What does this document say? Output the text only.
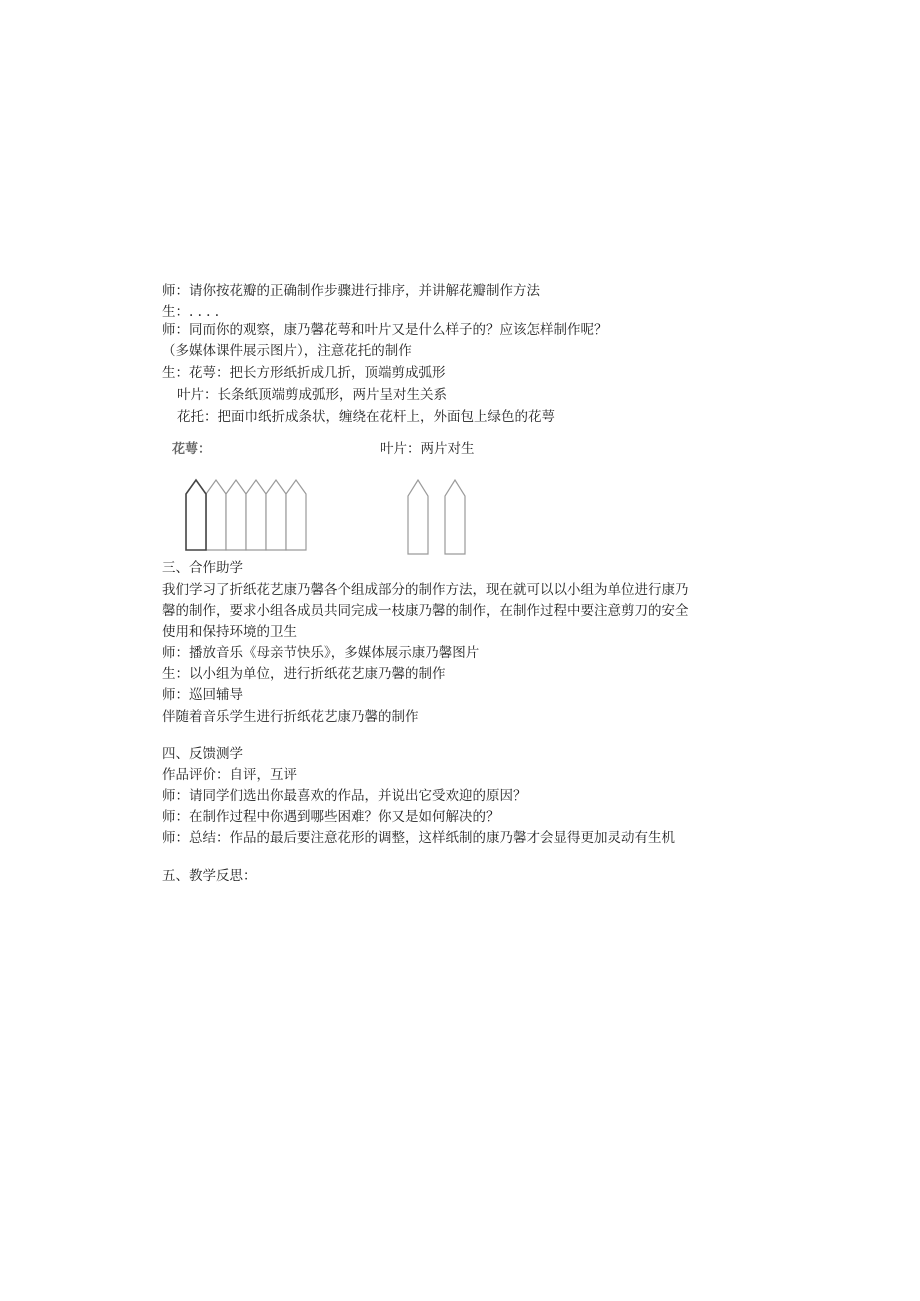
师：请你按花瓣的正确制作步骤进行排序，并讲解花瓣制作方法
生：. . . .
师：同而你的观察，康乃馨花萼和叶片又是什么样子的？应该怎样制作呢？
（多媒体课件展示图片），注意花托的制作
生：花萼：把长方形纸折成几折，顶端剪成弧形
叶片：长条纸顶端剪成弧形，两片呈对生关系
花托：把面巾纸折成条状，缠绕在花杆上，外面包上绿色的花萼
花萼：	叶片：两片对生
三、合作助学
我们学习了折纸花艺康乃馨各个组成部分的制作方法，现在就可以以小组为单位进行康乃
馨的制作，要求小组各成员共同完成一枝康乃馨的制作，在制作过程中要注意剪刀的安全
使用和保持环境的卫生
师：播放音乐《母亲节快乐》，多媒体展示康乃馨图片
生：以小组为单位，进行折纸花艺康乃馨的制作
师：巡回辅导
伴随着音乐学生进行折纸花艺康乃馨的制作
四、反馈测学
作品评价：自评，互评
师：请同学们选出你最喜欢的作品，并说出它受欢迎的原因？
师：在制作过程中你遇到哪些困难？你又是如何解决的？
师：总结：作品的最后要注意花形的调整，这样纸制的康乃馨才会显得更加灵动有生机
五、教学反思：
